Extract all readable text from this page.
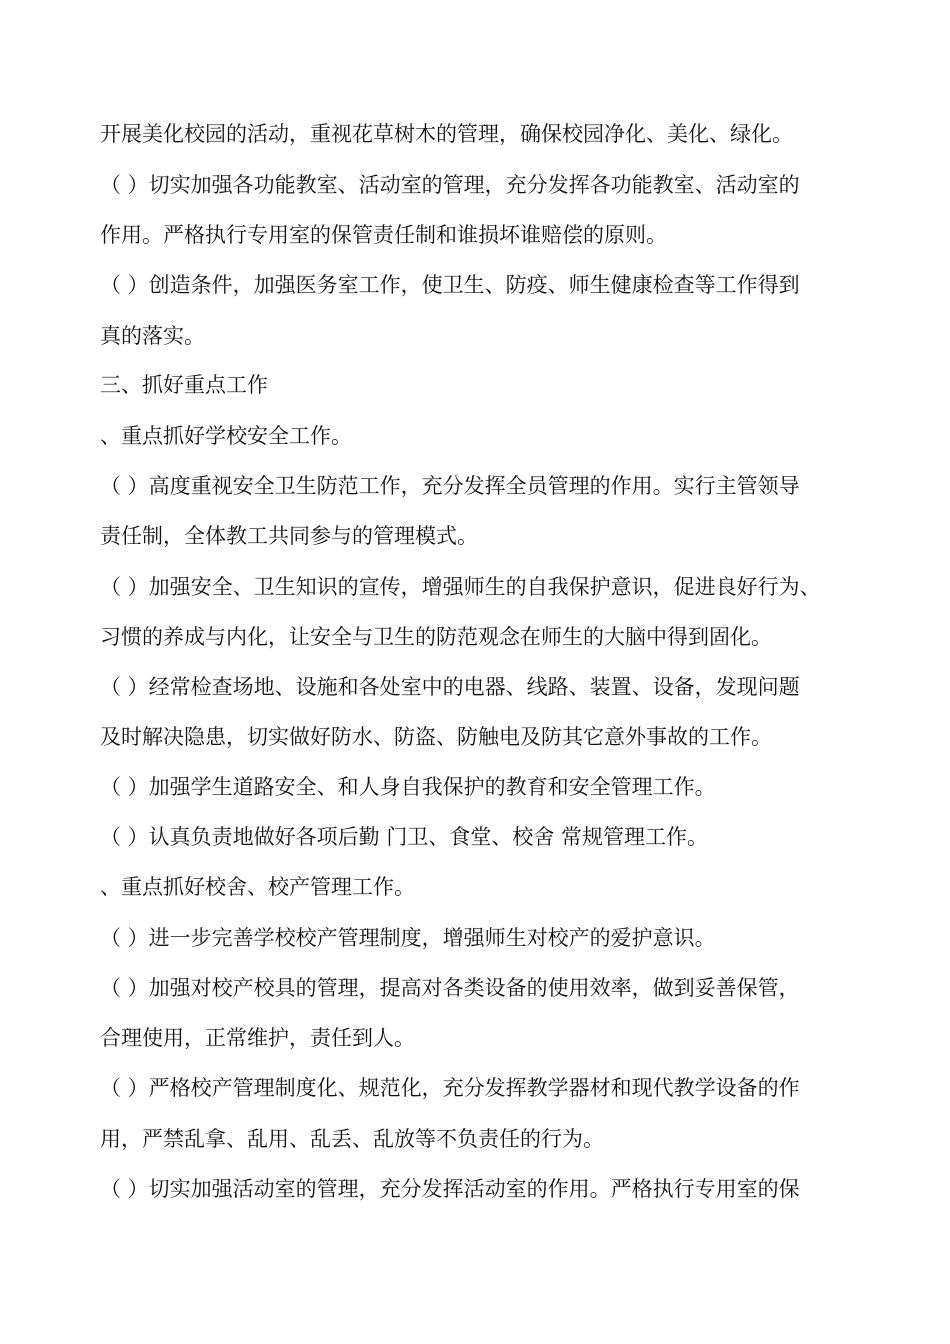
开展美化校园的活动，重视花草树木的管理，确保校园净化、美化、绿化。
（ ）切实加强各功能教室、活动室的管理，充分发挥各功能教室、活动室的
作用。严格执行专用室的保管责任制和谁损坏谁赔偿的原则。
（ ）创造条件，加强医务室工作，使卫生、防疫、师生健康检查等工作得到
真的落实。
三、抓好重点工作
、重点抓好学校安全工作。
（ ）高度重视安全卫生防范工作，充分发挥全员管理的作用。实行主管领导
责任制，全体教工共同参与的管理模式。
（ ）加强安全、卫生知识的宣传，增强师生的自我保护意识，促进良好行为、
习惯的养成与内化，让安全与卫生的防范观念在师生的大脑中得到固化。
（ ）经常检查场地、设施和各处室中的电器、线路、装置、设备，发现问题
及时解决隐患，切实做好防水、防盗、防触电及防其它意外事故的工作。
（ ）加强学生道路安全、和人身自我保护的教育和安全管理工作。
（ ）认真负责地做好各项后勤 门卫、食堂、校舍 常规管理工作。
、重点抓好校舍、校产管理工作。
（ ）进一步完善学校校产管理制度，增强师生对校产的爱护意识。
（ ）加强对校产校具的管理，提高对各类设备的使用效率，做到妥善保管，
合理使用，正常维护，责任到人。
（ ）严格校产管理制度化、规范化，充分发挥教学器材和现代教学设备的作
用，严禁乱拿、乱用、乱丢、乱放等不负责任的行为。
（ ）切实加强活动室的管理，充分发挥活动室的作用。严格执行专用室的保
